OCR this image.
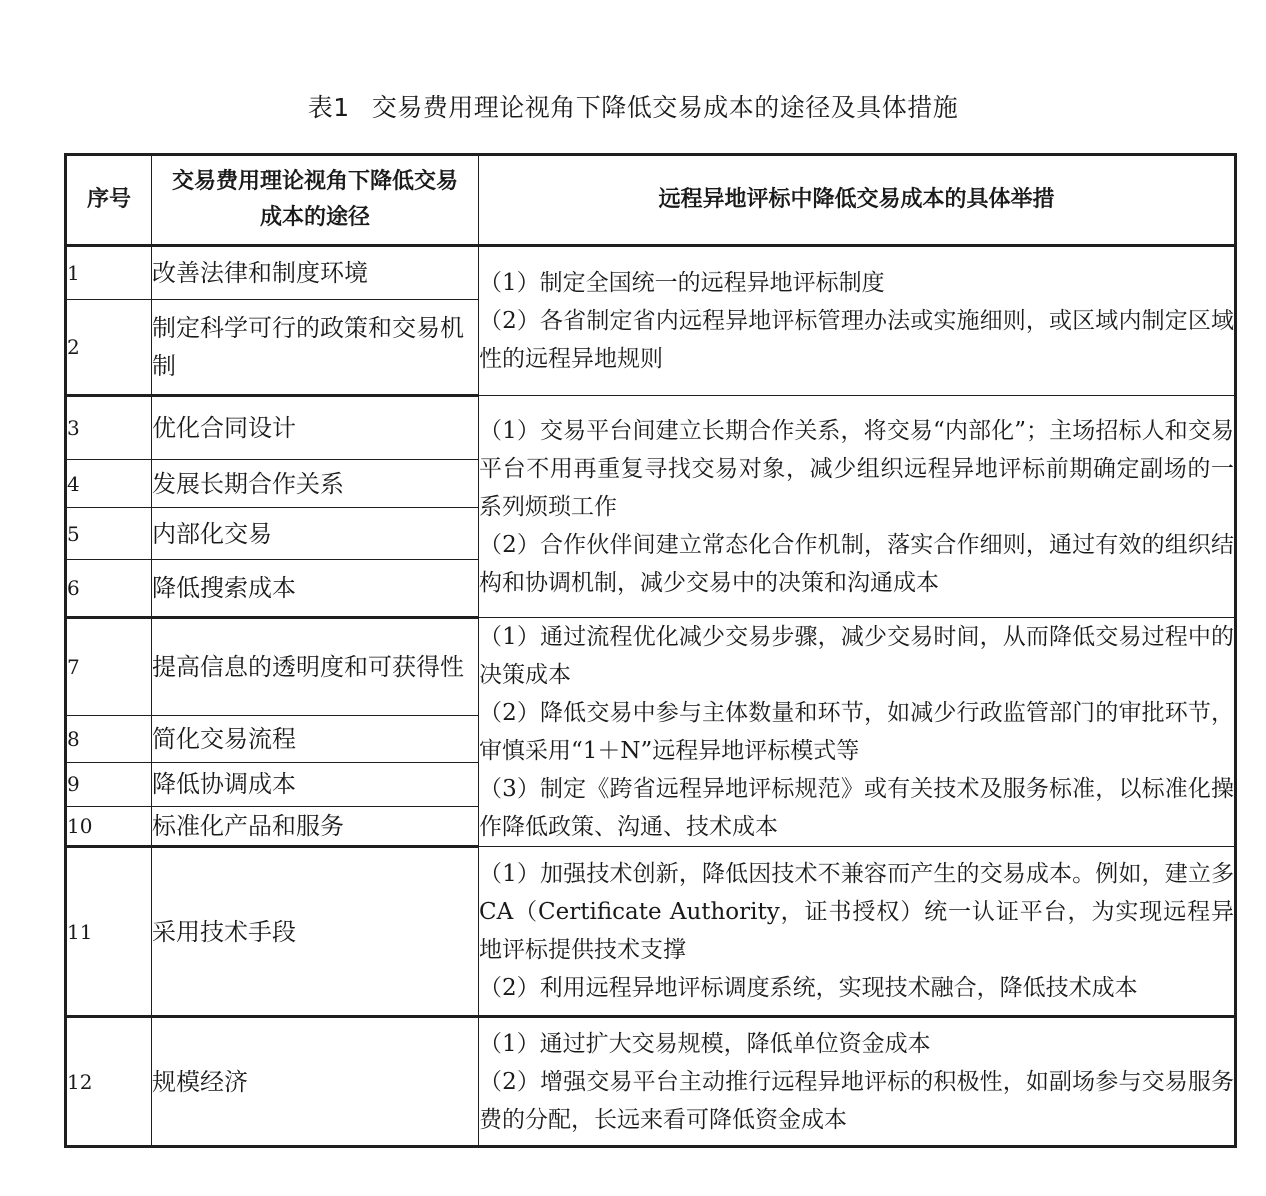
表1 交易费用理论视角下降低交易成本的途径及具体措施
序号	交易费用理论视角下降低交易成本的途径	远程异地评标中降低交易成本的具体举措
1	改善法律和制度环境	（1）制定全国统一的远程异地评标制度

（2）各省制定省内远程异地评标管理办法或实施细则，或区域内制定区域性的远程异地规则

2	制定科学可行的政策和交易机制	
3	优化合同设计	（1）交易平台间建立长期合作关系，将交易“内部化”；主场招标人和交易平台不用再重复寻找交易对象，减少组织远程异地评标前期确定副场的一系列烦琐工作

（2）合作伙伴间建立常态化合作机制，落实合作细则，通过有效的组织结构和协调机制，减少交易中的决策和沟通成本

4	发展长期合作关系	
5	内部化交易	
6	降低搜索成本	
7	提高信息的透明度和可获得性	（1）通过流程优化减少交易步骤，减少交易时间，从而降低交易过程中的决策成本

（2）降低交易中参与主体数量和环节，如减少行政监管部门的审批环节，审慎采用“1＋N”远程异地评标模式等

（3）制定《跨省远程异地评标规范》或有关技术及服务标准，以标准化操作降低政策、沟通、技术成本

8	简化交易流程	
9	降低协调成本	
10	标准化产品和服务	
11	采用技术手段	（1）加强技术创新，降低因技术不兼容而产生的交易成本。例如，建立多CA（Certificate Authority，证书授权）统一认证平台，为实现远程异地评标提供技术支撑

（2）利用远程异地评标调度系统，实现技术融合，降低技术成本

12	规模经济	（1）通过扩大交易规模，降低单位资金成本

（2）增强交易平台主动推行远程异地评标的积极性，如副场参与交易服务费的分配，长远来看可降低资金成本
